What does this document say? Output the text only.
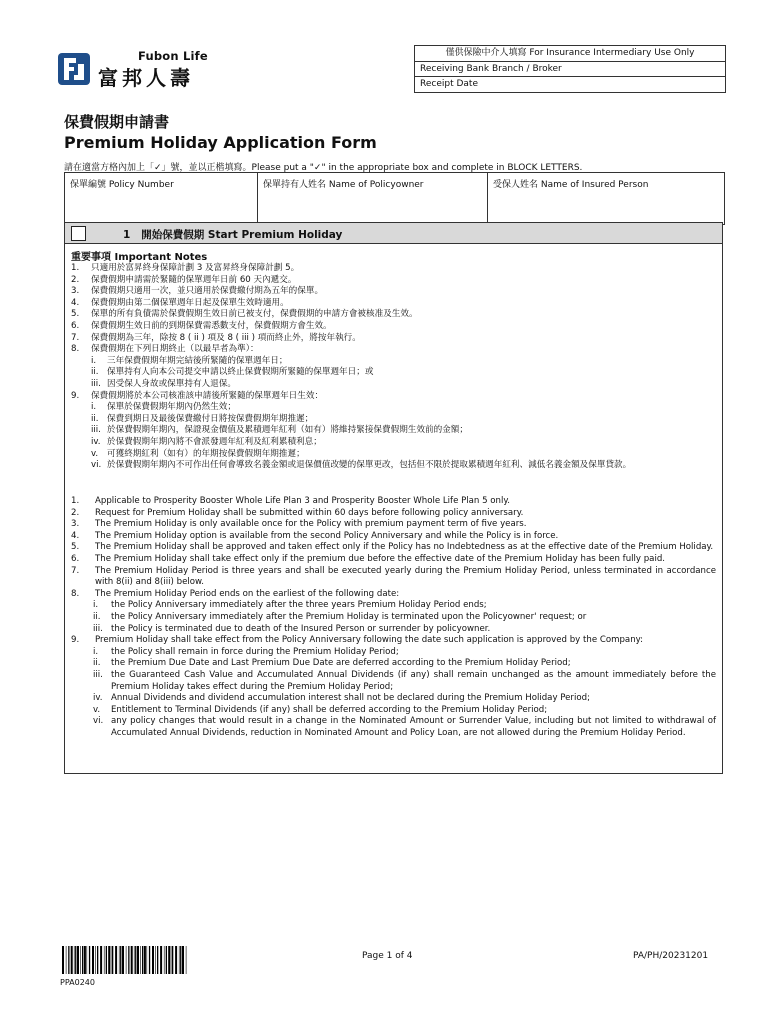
Fubon Life
富邦人壽
僅供保險中介人填寫 For Insurance Intermediary Use Only
Receiving Bank Branch / Broker
Receipt Date
保費假期申請書
Premium Holiday Application Form
請在適當方格內加上「✓」號，並以正楷填寫。Please put a "✓" in the appropriate box and complete in BLOCK LETTERS.
保單編號 Policy Number	保單持有人姓名 Name of Policyowner	受保人姓名 Name of Insured Person
1 開始保費假期 Start Premium Holiday
重要事項 Important Notes
1.	只適用於富昇終身保障計劃 3 及富昇終身保障計劃 5。
2.	保費假期申請需於緊隨的保單週年日前 60 天內遞交。
3.	保費假期只適用一次，並只適用於保費繳付期為五年的保單。
4.	保費假期由第二個保單週年日起及保單生效時適用。
5.	保單的所有負債需於保費假期生效日前已被支付，保費假期的申請方會被核准及生效。
6.	保費假期生效日前的到期保費需悉數支付，保費假期方會生效。
7.	保費假期為三年，除按 8 ( ii ) 項及 8 ( iii ) 項而終止外，將按年執行。
8.	保費假期在下列日期終止（以最早者為準）：
i.	三年保費假期年期完結後所緊隨的保單週年日；
ii. 保單持有人向本公司提交申請以終止保費假期所緊隨的保單週年日；或
iii. 因受保人身故或保單持有人退保。
9.	保費假期將於本公司核准該申請後所緊隨的保單週年日生效：
i.	保單於保費假期年期內仍然生效；
ii. 保費到期日及最後保費繳付日將按保費假期年期推遲；
iii. 於保費假期年期內，保證現金價值及累積週年紅利（如有）將維持緊接保費假期生效前的金額；
iv. 於保費假期年期內將不會派發週年紅利及紅利累積利息；
v.	可獲終期紅利（如有）的年期按保費假期年期推遲；
vi. 於保費假期年期內不可作出任何會導致名義金額或退保價值改變的保單更改，包括但不限於提取累積週年紅利、減低名義金額及保單貸款。
1.	Applicable to Prosperity Booster Whole Life Plan 3 and Prosperity Booster Whole Life Plan 5 only.
2.	Request for Premium Holiday shall be submitted within 60 days before following policy anniversary.
3.	The Premium Holiday is only available once for the Policy with premium payment term of five years.
4.	The Premium Holiday option is available from the second Policy Anniversary and while the Policy is in force.
5.	The Premium Holiday shall be approved and taken effect only if the Policy has no Indebtedness as at the effective date of the Premium Holiday.
6.	The Premium Holiday shall take effect only if the premium due before the effective date of the Premium Holiday has been fully paid.
7.	The Premium Holiday Period is three years and shall be executed yearly during the Premium Holiday Period, unless terminated in accordance with 8(ii) and 8(iii) below.
8.	The Premium Holiday Period ends on the earliest of the following date:
i.	the Policy Anniversary immediately after the three years Premium Holiday Period ends;
ii.	the Policy Anniversary immediately after the Premium Holiday is terminated upon the Policyowner' request; or
iii. the Policy is terminated due to death of the Insured Person or surrender by policyowner.
9.	Premium Holiday shall take effect from the Policy Anniversary following the date such application is approved by the Company:
i.	the Policy shall remain in force during the Premium Holiday Period;
ii.	the Premium Due Date and Last Premium Due Date are deferred according to the Premium Holiday Period;
iii. the Guaranteed Cash Value and Accumulated Annual Dividends (if any) shall remain unchanged as the amount immediately before the Premium Holiday takes effect during the Premium Holiday Period;
iv. Annual Dividends and dividend accumulation interest shall not be declared during the Premium Holiday Period;
v.	Entitlement to Terminal Dividends (if any) shall be deferred according to the Premium Holiday Period;
vi. any policy changes that would result in a change in the Nominated Amount or Surrender Value, including but not limited to withdrawal of Accumulated Annual Dividends, reduction in Nominated Amount and Policy Loan, are not allowed during the Premium Holiday Period.
PPA0240
Page 1 of 4	PA/PH/20231201
